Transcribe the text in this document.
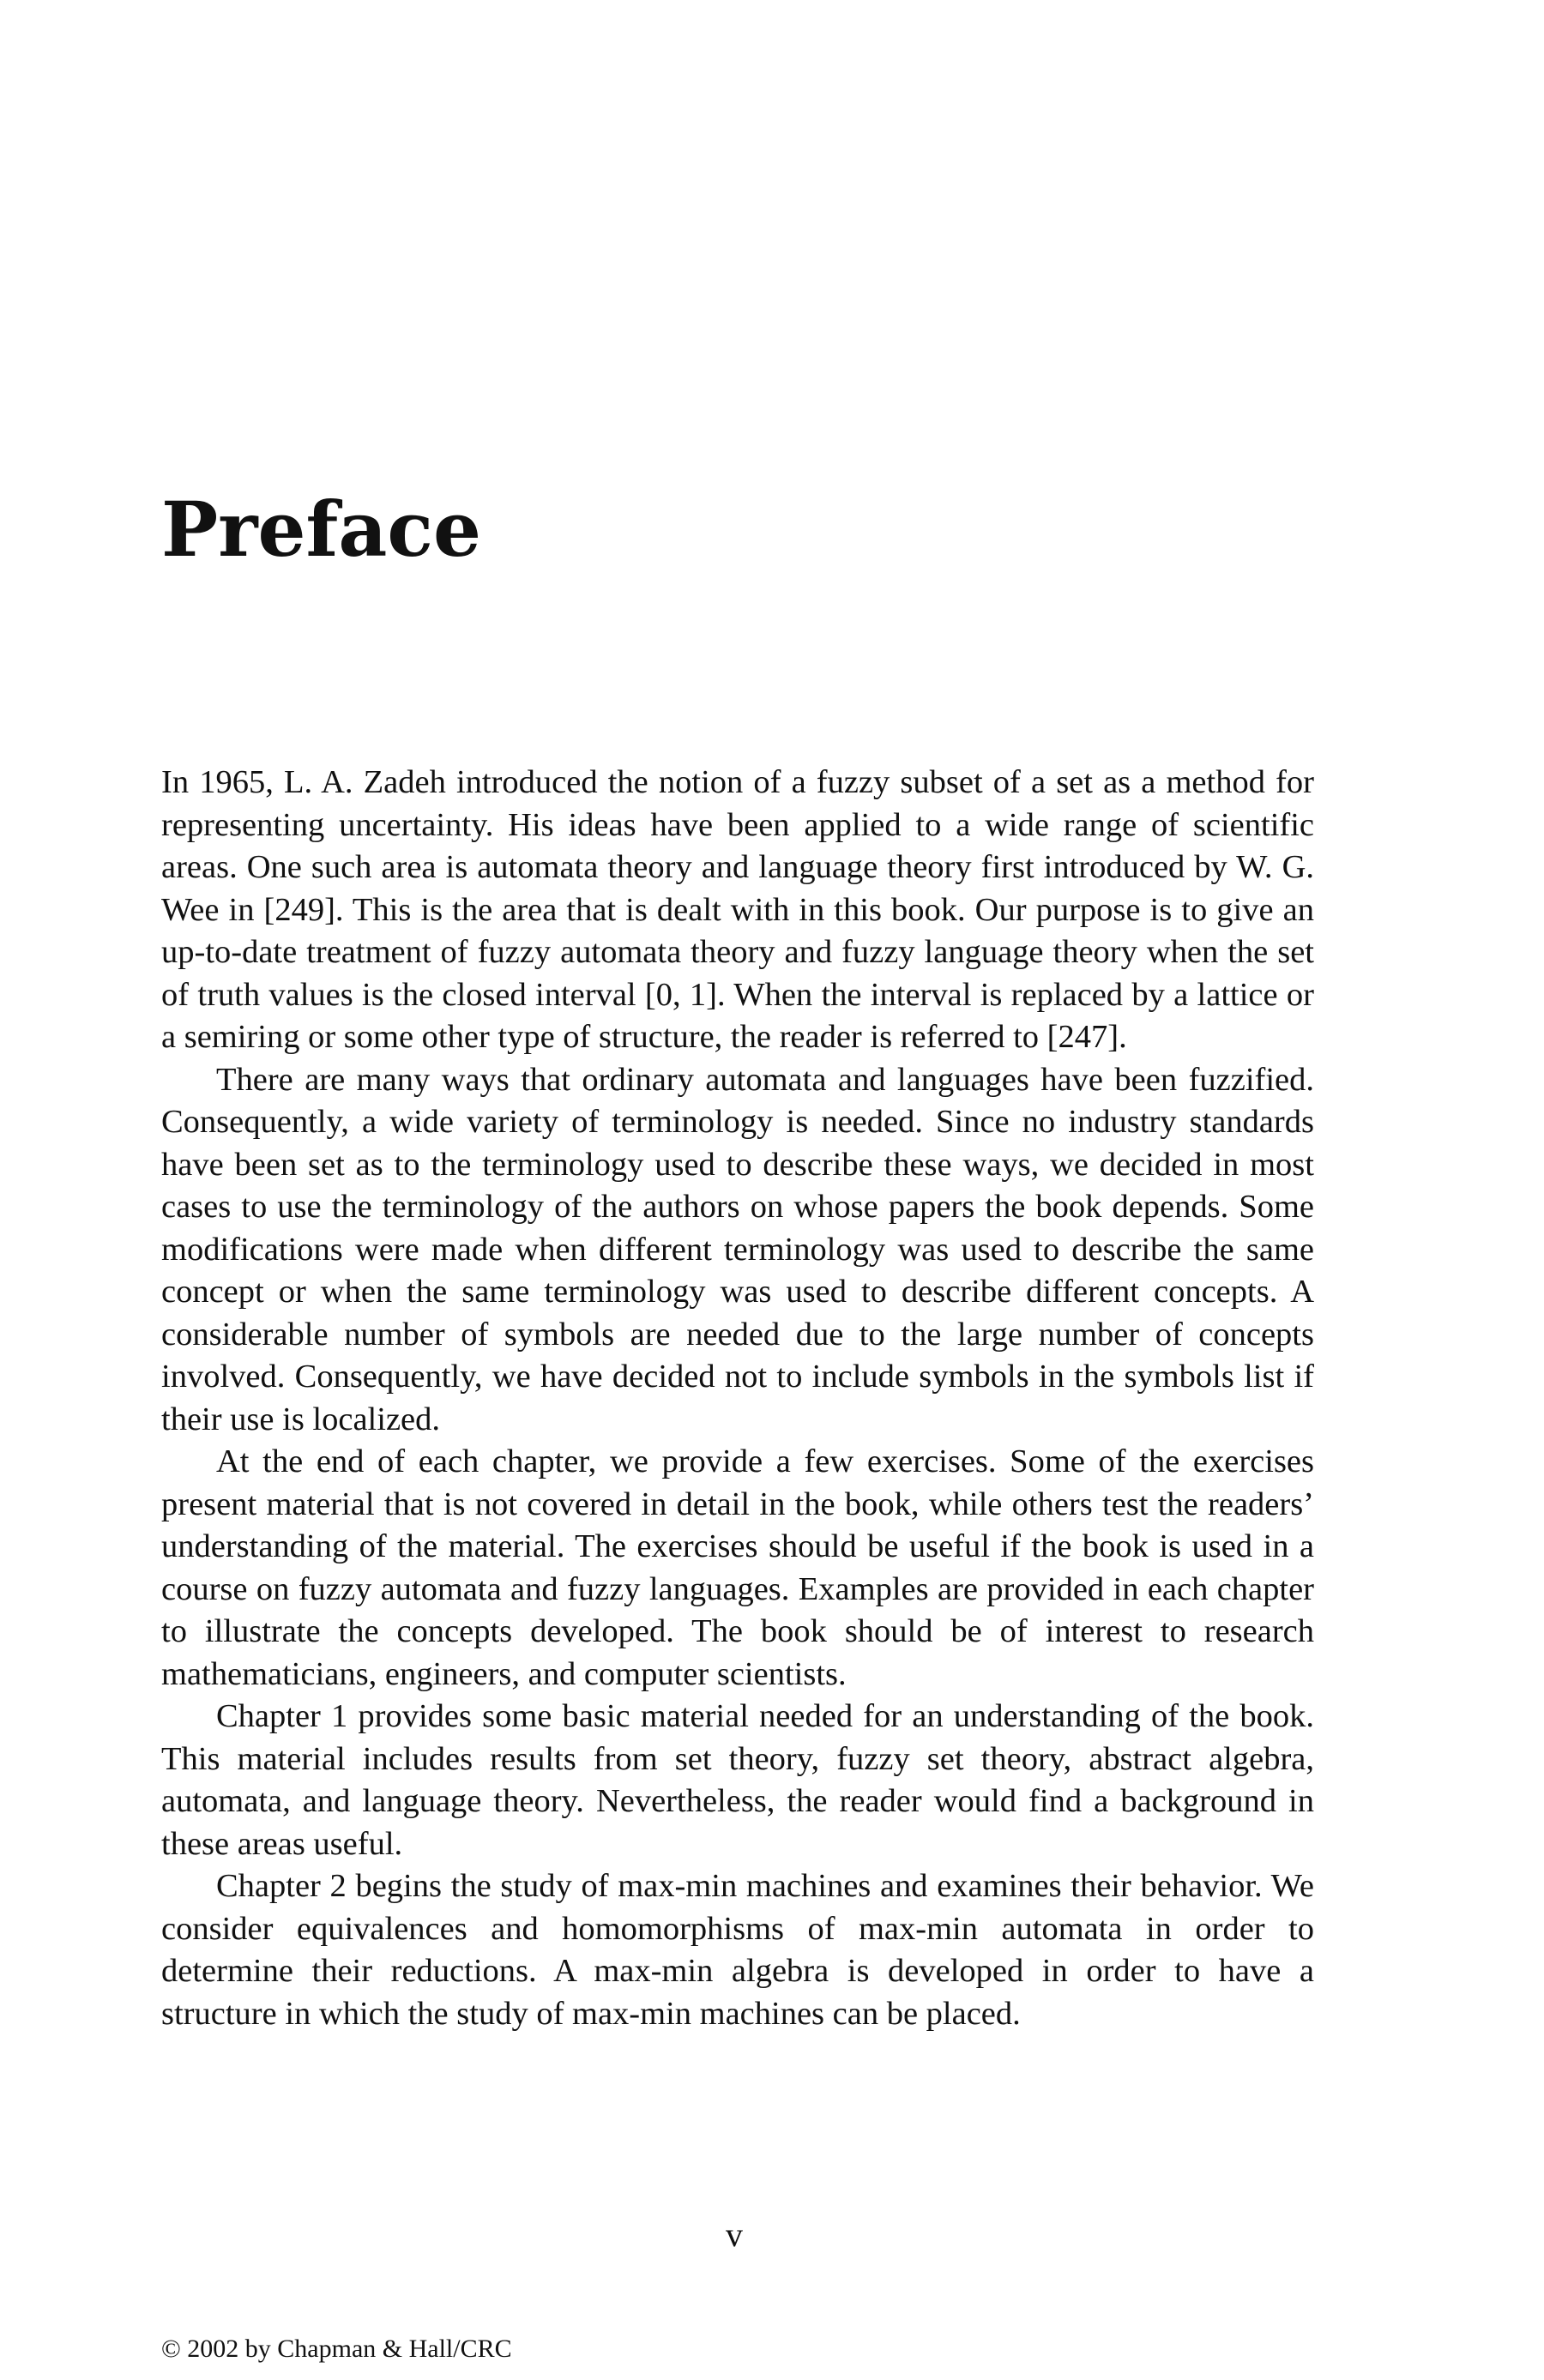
Preface

In 1965, L. A. Zadeh introduced the notion of a fuzzy subset of a set as a method for representing uncertainty. His ideas have been applied to a wide range of scientific areas. One such area is automata theory and language theory first introduced by W. G. Wee in [249]. This is the area that is dealt with in this book. Our purpose is to give an up-to-date treatment of fuzzy automata theory and fuzzy language theory when the set of truth values is the closed interval [0, 1]. When the interval is replaced by a lattice or a semiring or some other type of structure, the reader is referred to [247].

There are many ways that ordinary automata and languages have been fuzzified. Consequently, a wide variety of terminology is needed. Since no industry standards have been set as to the terminology used to describe these ways, we decided in most cases to use the terminology of the authors on whose papers the book depends. Some modifications were made when different terminology was used to describe the same concept or when the same terminology was used to describe different concepts. A considerable number of symbols are needed due to the large number of concepts involved. Consequently, we have decided not to include symbols in the symbols list if their use is localized.

At the end of each chapter, we provide a few exercises. Some of the exercises present material that is not covered in detail in the book, while others test the readers’ understanding of the material. The exercises should be useful if the book is used in a course on fuzzy automata and fuzzy languages. Examples are provided in each chapter to illustrate the concepts developed. The book should be of interest to research mathematicians, engineers, and computer scientists.

Chapter 1 provides some basic material needed for an understanding of the book. This material includes results from set theory, fuzzy set theory, abstract algebra, automata, and language theory. Nevertheless, the reader would find a background in these areas useful.

Chapter 2 begins the study of max-min machines and examines their behavior. We consider equivalences and homomorphisms of max-min automata in order to determine their reductions. A max-min algebra is developed in order to have a structure in which the study of max-min machines can be placed.

v
© 2002 by Chapman & Hall/CRC
